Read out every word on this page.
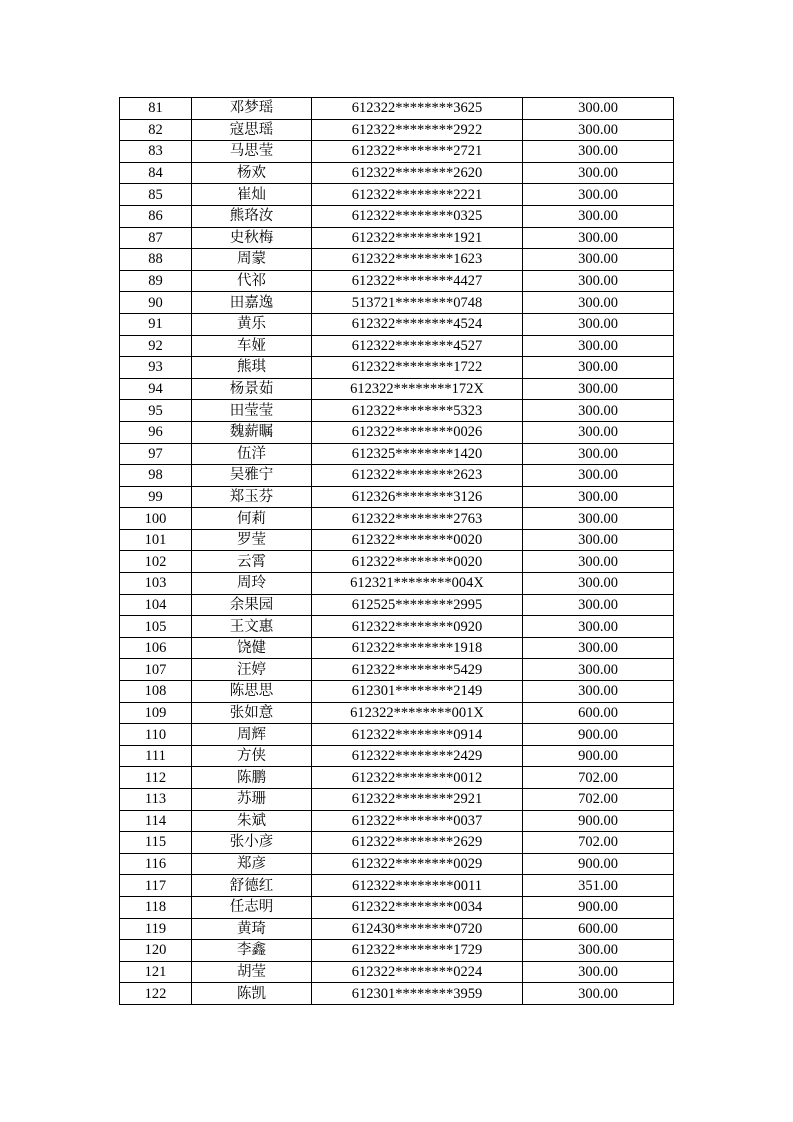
81	邓梦瑶	612322********3625	300.00
82	寇思瑶	612322********2922	300.00
83	马思莹	612322********2721	300.00
84	杨欢	612322********2620	300.00
85	崔灿	612322********2221	300.00
86	熊珞汝	612322********0325	300.00
87	史秋梅	612322********1921	300.00
88	周蒙	612322********1623	300.00
89	代祁	612322********4427	300.00
90	田嘉逸	513721********0748	300.00
91	黄乐	612322********4524	300.00
92	车娅	612322********4527	300.00
93	熊琪	612322********1722	300.00
94	杨景茹	612322********172X	300.00
95	田莹莹	612322********5323	300.00
96	魏薪瞩	612322********0026	300.00
97	伍洋	612325********1420	300.00
98	吴雅宁	612322********2623	300.00
99	郑玉芬	612326********3126	300.00
100	何莉	612322********2763	300.00
101	罗莹	612322********0020	300.00
102	云霄	612322********0020	300.00
103	周玲	612321********004X	300.00
104	余果园	612525********2995	300.00
105	王文惠	612322********0920	300.00
106	饶健	612322********1918	300.00
107	汪婷	612322********5429	300.00
108	陈思思	612301********2149	300.00
109	张如意	612322********001X	600.00
110	周辉	612322********0914	900.00
111	方侠	612322********2429	900.00
112	陈鹏	612322********0012	702.00
113	苏珊	612322********2921	702.00
114	朱斌	612322********0037	900.00
115	张小彦	612322********2629	702.00
116	郑彦	612322********0029	900.00
117	舒德红	612322********0011	351.00
118	任志明	612322********0034	900.00
119	黄琦	612430********0720	600.00
120	李鑫	612322********1729	300.00
121	胡莹	612322********0224	300.00
122	陈凯	612301********3959	300.00
